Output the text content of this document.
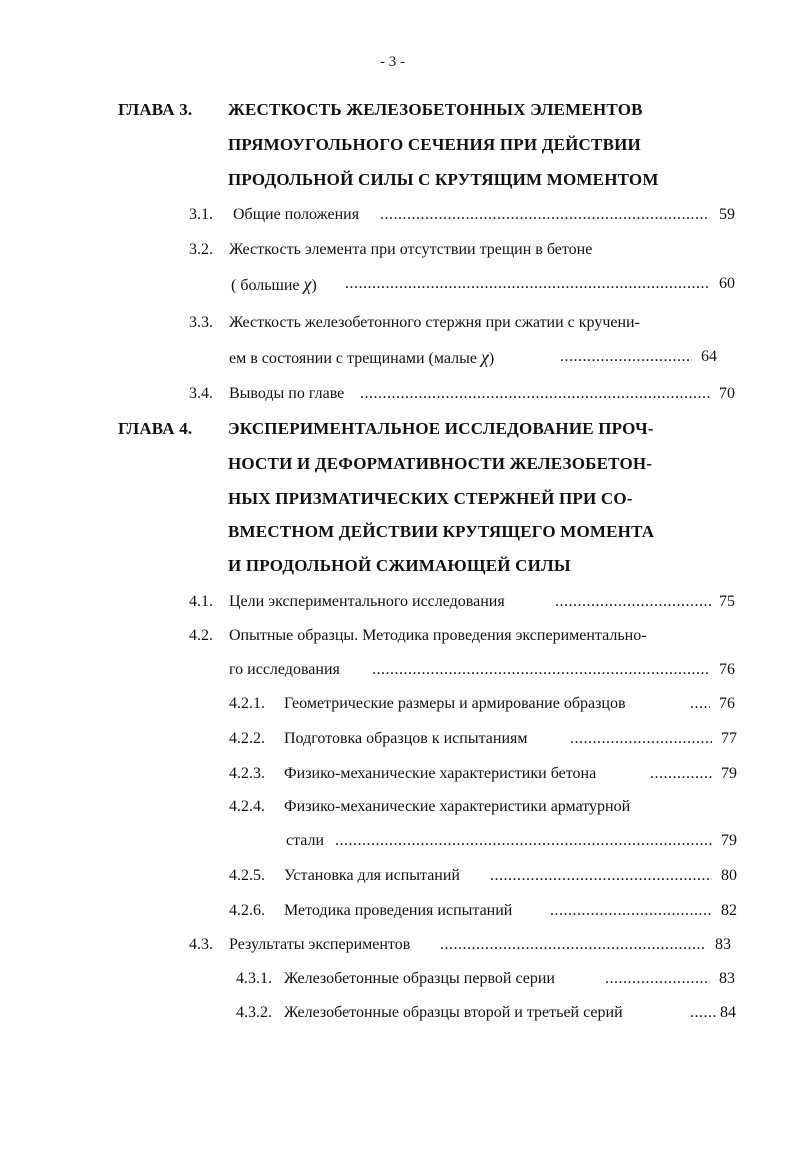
- 3 -
ГЛАВА 3. ЖЕСТКОСТЬ ЖЕЛЕЗОБЕТОННЫХ ЭЛЕМЕНТОВ
ПРЯМОУГОЛЬНОГО СЕЧЕНИЯ ПРИ ДЕЙСТВИИ
ПРОДОЛЬНОЙ СИЛЫ С КРУТЯЩИМ МОМЕНТОМ
3.1. Общие положения .....	59
3.2. Жесткость элемента при отсутствии трещин в бетоне
( большие χ) .....	60
3.3. Жесткость железобетонного стержня при сжатии с кручени-
ем в состоянии с трещинами (малые χ) .....	64
3.4. Выводы по главе .....	70
ГЛАВА 4. ЭКСПЕРИМЕНТАЛЬНОЕ ИССЛЕДОВАНИЕ ПРОЧ-
НОСТИ И ДЕФОРМАТИВНОСТИ ЖЕЛЕЗОБЕТОН-
НЫХ ПРИЗМАТИЧЕСКИХ СТЕРЖНЕЙ ПРИ СО-
ВМЕСТНОМ ДЕЙСТВИИ КРУТЯЩЕГО МОМЕНТА
И ПРОДОЛЬНОЙ СЖИМАЮЩЕЙ СИЛЫ
4.1. Цели экспериментального исследования .....	75
4.2. Опытные образцы. Методика проведения экспериментально-
го исследования .....	76
4.2.1. Геометрические размеры и армирование образцов .....	76
4.2.2. Подготовка образцов к испытаниям .....	77
4.2.3. Физико-механические характеристики бетона .....	79
4.2.4. Физико-механические характеристики арматурной
стали .....	79
4.2.5. Установка для испытаний .....	80
4.2.6. Методика проведения испытаний .....	82
4.3. Результаты экспериментов .....	83
4.3.1. Железобетонные образцы первой серии .....	83
4.3.2. Железобетонные образцы второй и третьей серий .....	84
